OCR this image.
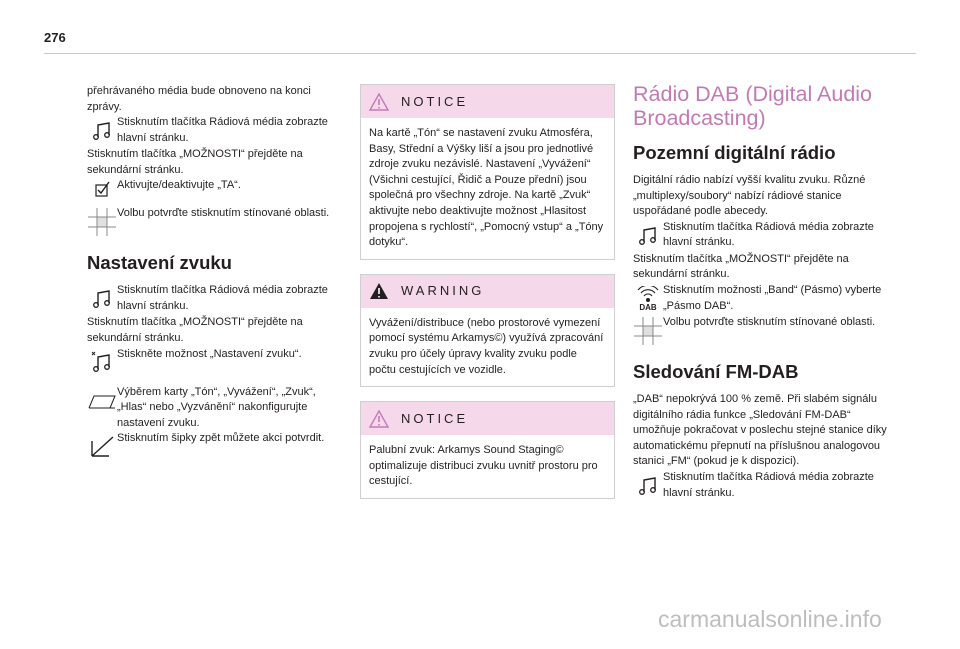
276

přehrávaného média bude obnoveno na konci zprávy.

Stisknutím tlačítka Rádiová média zobrazte hlavní stránku.

Stisknutím tlačítka „MOŽNOSTI“ přejděte na sekundární stránku.

Aktivujte/deaktivujte „TA“.

Volbu potvrďte stisknutím stínované oblasti.

Nastavení zvuku

Stisknutím tlačítka Rádiová média zobrazte hlavní stránku.

Stisknutím tlačítka „MOŽNOSTI“ přejděte na sekundární stránku.

Stiskněte možnost „Nastavení zvuku“.

Výběrem karty „Tón“, „Vyvážení“, „Zvuk“, „Hlas“ nebo „Vyzvánění“ nakonfigurujte nastavení zvuku.

Stisknutím šipky zpět můžete akci potvrdit.

NOTICE

Na kartě „Tón“ se nastavení zvuku Atmosféra, Basy, Střední a Výšky liší a jsou pro jednotlivé zdroje zvuku nezávislé. Nastavení „Vyvážení“ (Všichni cestující, Řidič a Pouze přední) jsou společná pro všechny zdroje. Na kartě „Zvuk“ aktivujte nebo deaktivujte možnost „Hlasitost propojena s rychlostí“, „Pomocný vstup“ a „Tóny dotyku“.

WARNING

Vyvážení/distribuce (nebo prostorové vymezení pomocí systému Arkamys©) využívá zpracování zvuku pro účely úpravy kvality zvuku podle počtu cestujících ve vozidle.

NOTICE

Palubní zvuk: Arkamys Sound Staging© optimalizuje distribuci zvuku uvnitř prostoru pro cestující.

Rádio DAB (Digital Audio Broadcasting)
Pozemní digitální rádio

Digitální rádio nabízí vyšší kvalitu zvuku. Různé „multiplexy/soubory“ nabízí rádiové stanice uspořádané podle abecedy.

Stisknutím tlačítka Rádiová média zobrazte hlavní stránku.

Stisknutím tlačítka „MOŽNOSTI“ přejděte na sekundární stránku.

DAB

Stisknutím možnosti „Band“ (Pásmo) vyberte „Pásmo DAB“.

Volbu potvrďte stisknutím stínované oblasti.

Sledování FM-DAB

„DAB“ nepokrývá 100 % země. Při slabém signálu digitálního rádia funkce „Sledování FM-DAB“ umožňuje pokračovat v poslechu stejné stanice díky automatickému přepnutí na příslušnou analogovou stanici „FM“ (pokud je k dispozici).

Stisknutím tlačítka Rádiová média zobrazte hlavní stránku.

carmanualsonline.info
